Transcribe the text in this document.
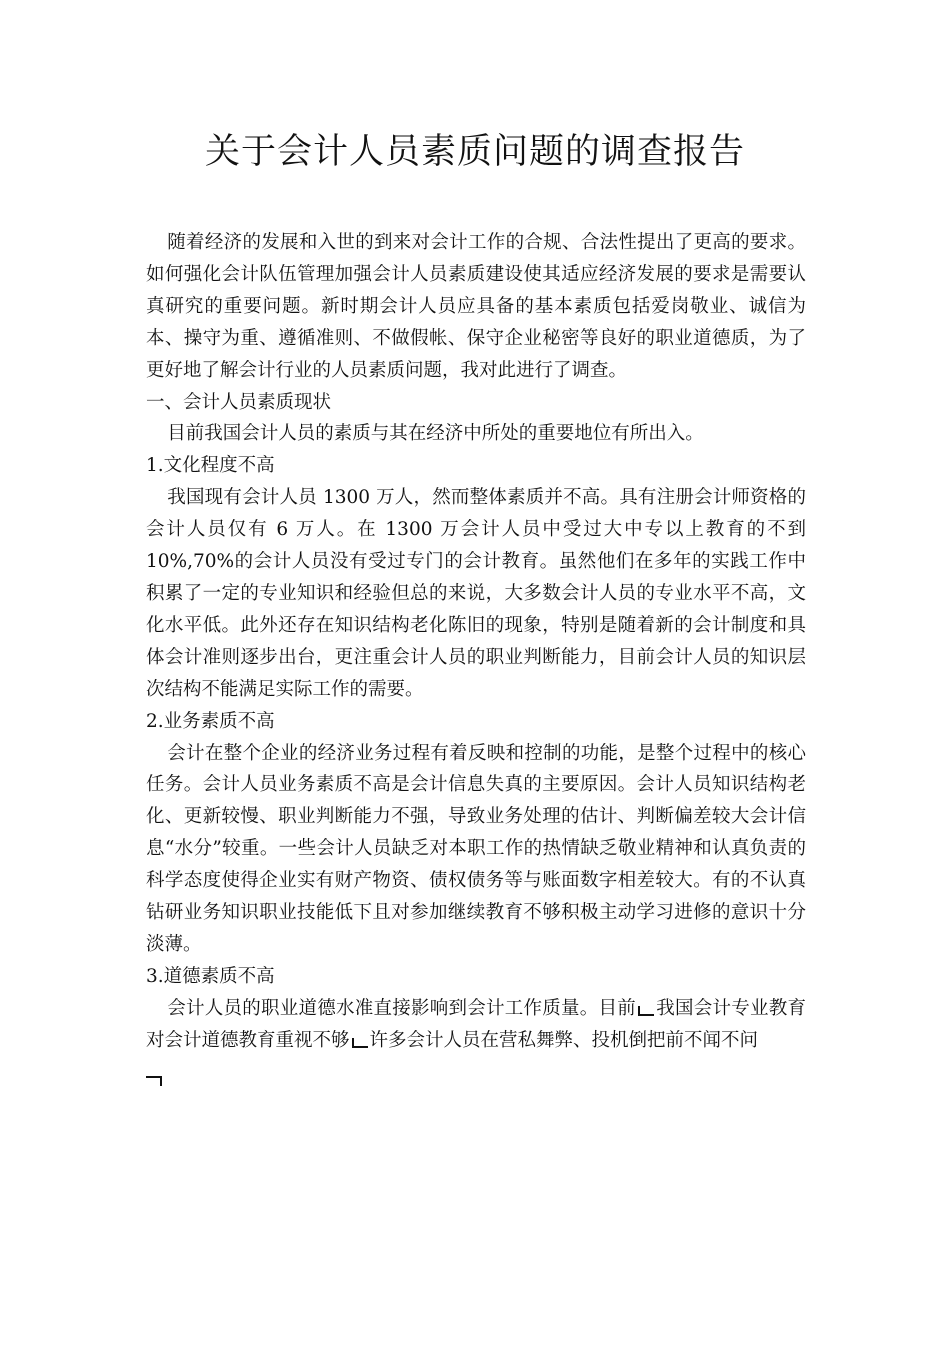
关于会计人员素质问题的调查报告

随着经济的发展和入世的到来对会计工作的合规、合法性提出了更高的要求。如何强化会计队伍管理加强会计人员素质建设使其适应经济发展的要求是需要认真研究的重要问题。新时期会计人员应具备的基本素质包括爱岗敬业、诚信为本、操守为重、遵循准则、不做假帐、保守企业秘密等良好的职业道德质，为了更好地了解会计行业的人员素质问题，我对此进行了调查。

一、会计人员素质现状

目前我国会计人员的素质与其在经济中所处的重要地位有所出入。

1.文化程度不高

我国现有会计人员 1300 万人，然而整体素质并不高。具有注册会计师资格的会计人员仅有 6 万人。在 1300 万会计人员中受过大中专以上教育的不到10%,70%的会计人员没有受过专门的会计教育。虽然他们在多年的实践工作中积累了一定的专业知识和经验但总的来说，大多数会计人员的专业水平不高，文化水平低。此外还存在知识结构老化陈旧的现象，特别是随着新的会计制度和具体会计准则逐步出台，更注重会计人员的职业判断能力，目前会计人员的知识层次结构不能满足实际工作的需要。

2.业务素质不高

会计在整个企业的经济业务过程有着反映和控制的功能，是整个过程中的核心任务。会计人员业务素质不高是会计信息失真的主要原因。会计人员知识结构老化、更新较慢、职业判断能力不强，导致业务处理的估计、判断偏差较大会计信息“水分”较重。一些会计人员缺乏对本职工作的热情缺乏敬业精神和认真负责的科学态度使得企业实有财产物资、债权债务等与账面数字相差较大。有的不认真钻研业务知识职业技能低下且对参加继续教育不够积极主动学习进修的意识十分淡薄。

3.道德素质不高

会计人员的职业道德水准直接影响到会计工作质量。目前 我国会计专业教育对会计道德教育重视不够 许多会计人员在营私舞弊、投机倒把前不闻不问
